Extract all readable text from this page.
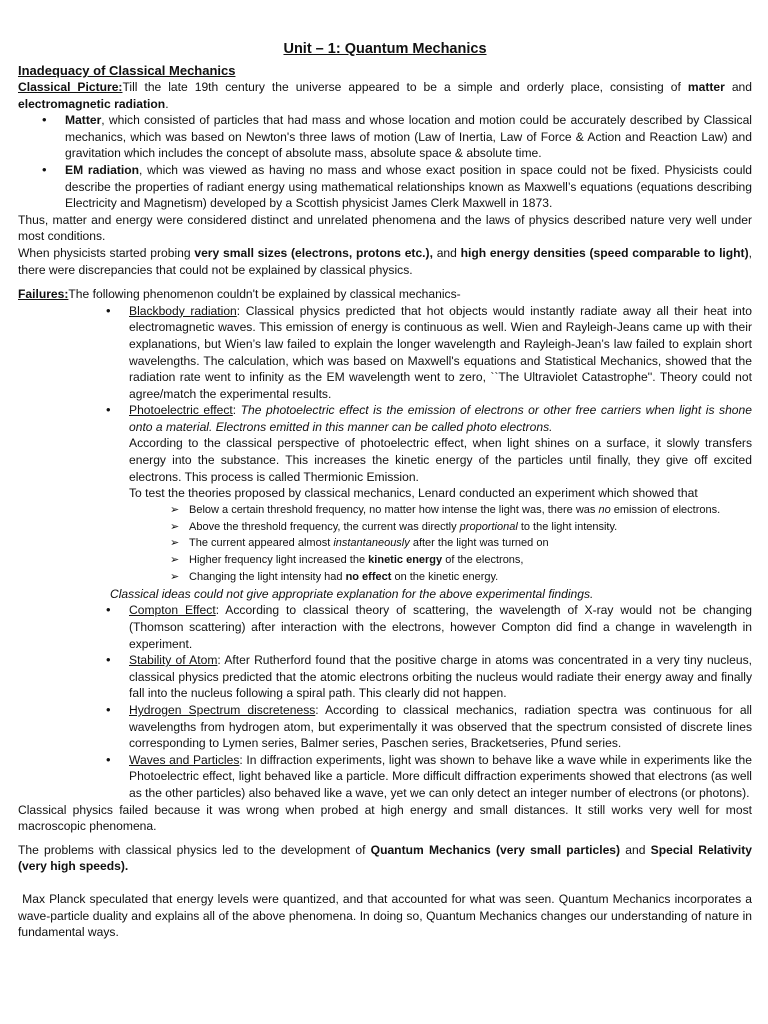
Unit – 1: Quantum Mechanics
Inadequacy of Classical Mechanics

Classical Picture:Till the late 19th century the universe appeared to be a simple and orderly place, consisting of matter and electromagnetic radiation.

• Matter, which consisted of particles that had mass and whose location and motion could be accurately described by Classical mechanics, which was based on Newton's three laws of motion (Law of Inertia, Law of Force & Action and Reaction Law) and gravitation which includes the concept of absolute mass, absolute space & absolute time.
• EM radiation, which was viewed as having no mass and whose exact position in space could not be fixed. Physicists could describe the properties of radiant energy using mathematical relationships known as Maxwell’s equations (equations describing Electricity and Magnetism) developed by a Scottish physicist James Clerk Maxwell in 1873.

Thus, matter and energy were considered distinct and unrelated phenomena and the laws of physics described nature very well under most conditions.

When physicists started probing very small sizes (electrons, protons etc.), and high energy densities (speed comparable to light), there were discrepancies that could not be explained by classical physics.

Failures:The following phenomenon couldn't be explained by classical mechanics-

• Blackbody radiation: Classical physics predicted that hot objects would instantly radiate away all their heat into electromagnetic waves. This emission of energy is continuous as well. Wien and Rayleigh-Jeans came up with their explanations, but Wien’s law failed to explain the longer wavelength and Rayleigh-Jean’s law failed to explain short wavelengths. The calculation, which was based on Maxwell's equations and Statistical Mechanics, showed that the radiation rate went to infinity as the EM wavelength went to zero, ``The Ultraviolet Catastrophe''. Theory could not agree/match the experimental results.
• Photoelectric effect: The photoelectric effect is the emission of electrons or other free carriers when light is shone onto a material. Electrons emitted in this manner can be called photo electrons.
According to the classical perspective of photoelectric effect, when light shines on a surface, it slowly transfers energy into the substance. This increases the kinetic energy of the particles until finally, they give off excited electrons. This process is called Thermionic Emission.
To test the theories proposed by classical mechanics, Lenard conducted an experiment which showed that
➢ Below a certain threshold frequency, no matter how intense the light was, there was no emission of electrons.
➢ Above the threshold frequency, the current was directly proportional to the light intensity.
➢ The current appeared almost instantaneously after the light was turned on
➢ Higher frequency light increased the kinetic energy of the electrons,
➢ Changing the light intensity had no effect on the kinetic energy.

Classical ideas could not give appropriate explanation for the above experimental findings.

• Compton Effect: According to classical theory of scattering, the wavelength of X-ray would not be changing (Thomson scattering) after interaction with the electrons, however Compton did find a change in wavelength in experiment.
• Stability of Atom: After Rutherford found that the positive charge in atoms was concentrated in a very tiny nucleus, classical physics predicted that the atomic electrons orbiting the nucleus would radiate their energy away and finally fall into the nucleus following a spiral path. This clearly did not happen.
• Hydrogen Spectrum discreteness: According to classical mechanics, radiation spectra was continuous for all wavelengths from hydrogen atom, but experimentally it was observed that the spectrum consisted of discrete lines corresponding to Lymen series, Balmer series, Paschen series, Bracketseries, Pfund series.
• Waves and Particles: In diffraction experiments, light was shown to behave like a wave while in experiments like the Photoelectric effect, light behaved like a particle. More difficult diffraction experiments showed that electrons (as well as the other particles) also behaved like a wave, yet we can only detect an integer number of electrons (or photons).

Classical physics failed because it was wrong when probed at high energy and small distances. It still works very well for most macroscopic phenomena.

The problems with classical physics led to the development of Quantum Mechanics (very small particles) and Special Relativity (very high speeds).

Max Planck speculated that energy levels were quantized, and that accounted for what was seen. Quantum Mechanics incorporates a wave-particle duality and explains all of the above phenomena. In doing so, Quantum Mechanics changes our understanding of nature in fundamental ways.
